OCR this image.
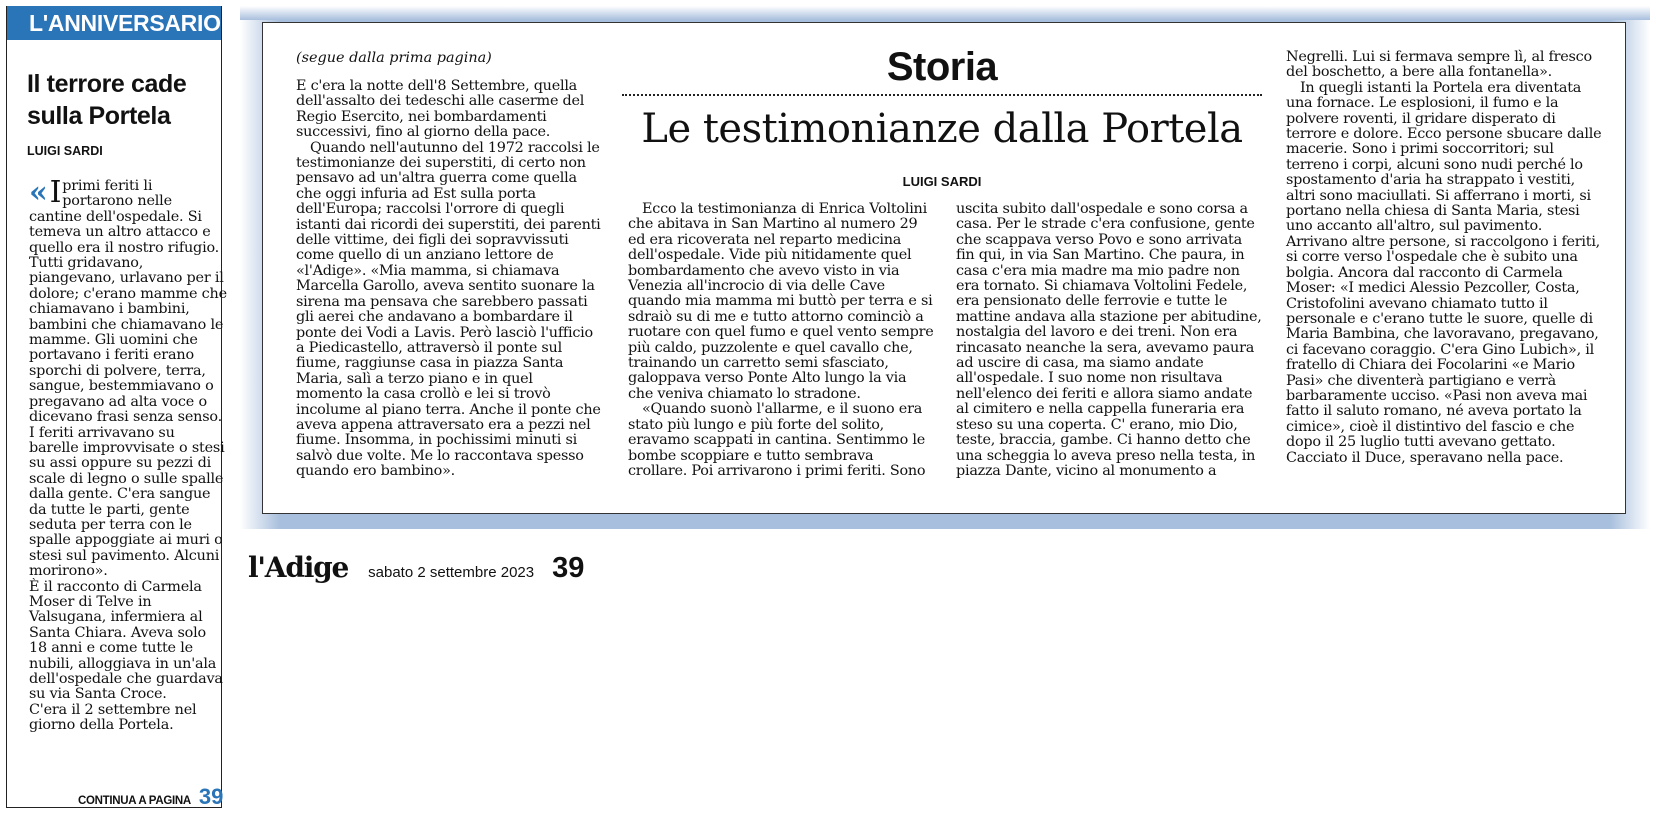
L'ANNIVERSARIO
Il terrore cade sulla Portela
LUIGI SARDI

« I primi feriti li portarono nelle cantine dell'ospedale. Si temeva un altro attacco e quello era il nostro rifugio. Tutti gridavano, piangevano, urlavano per il dolore; c'erano mamme che chiamavano i bambini, bambini che chiamavano le mamme. Gli uomini che portavano i feriti erano sporchi di polvere, terra, sangue, bestemmiavano o pregavano ad alta voce o dicevano frasi senza senso. I feriti arrivavano su barelle improvvisate o stesi su assi oppure su pezzi di scale di legno o sulle spalle dalla gente. C'era sangue da tutte le parti, gente seduta per terra con le spalle appoggiate ai muri o stesi sul pavimento. Alcuni morirono».

È il racconto di Carmela Moser di Telve in Valsugana, infermiera al Santa Chiara. Aveva solo 18 anni e come tutte le nubili, alloggiava in un'ala dell'ospedale che guardava su via Santa Croce.

C'era il 2 settembre nel giorno della Portela.

CONTINUA A PAGINA 39
(segue dalla prima pagina)	Storia
Le testimonianze dalla Portela
LUIGI SARDI

E c'era la notte dell'8 Settembre, quella dell'assalto dei tedeschi alle caserme del Regio Esercito, nei bombardamenti successivi, fino al giorno della pace.

Quando nell'autunno del 1972 raccolsi le testimonianze dei superstiti, di certo non pensavo ad un'altra guerra come quella che oggi infuria ad Est sulla porta dell'Europa; raccolsi l'orrore di quegli istanti dai ricordi dei superstiti, dei parenti delle vittime, dei figli dei sopravvissuti come quello di un anziano lettore de «l'Adige». «Mia mamma, si chiamava Marcella Garollo, aveva sentito suonare la sirena ma pensava che sarebbero passati gli aerei che andavano a bombardare il ponte dei Vodi a Lavis. Però lasciò l'ufficio a Piedicastello, attraversò il ponte sul fiume, raggiunse casa in piazza Santa Maria, salì a terzo piano e in quel momento la casa crollò e lei si trovò incolume al piano terra. Anche il ponte che aveva appena attraversato era a pezzi nel fiume. Insomma, in pochissimi minuti si salvò due volte. Me lo raccontava spesso quando ero bambino».

Ecco la testimonianza di Enrica Voltolini che abitava in San Martino al numero 29 ed era ricoverata nel reparto medicina dell'ospedale. Vide più nitidamente quel bombardamento che avevo visto in via Venezia all'incrocio di via delle Cave quando mia mamma mi buttò per terra e si sdraiò su di me e tutto attorno cominciò a ruotare con quel fumo e quel vento sempre più caldo, puzzolente e quel cavallo che, trainando un carretto semi sfasciato, galoppava verso Ponte Alto lungo la via che veniva chiamato lo stradone.

«Quando suonò l'allarme, e il suono era stato più lungo e più forte del solito, eravamo scappati in cantina. Sentimmo le bombe scoppiare e tutto sembrava crollare. Poi arrivarono i primi feriti. Sono

uscita subito dall'ospedale e sono corsa a casa. Per le strade c'era confusione, gente che scappava verso Povo e sono arrivata fin qui, in via San Martino. Che paura, in casa c'era mia madre ma mio padre non era tornato. Si chiamava Voltolini Fedele, era pensionato delle ferrovie e tutte le mattine andava alla stazione per abitudine, nostalgia del lavoro e dei treni. Non era rincasato neanche la sera, avevamo paura ad uscire di casa, ma siamo andate all'ospedale. I suo nome non risultava nell'elenco dei feriti e allora siamo andate al cimitero e nella cappella funeraria era steso su una coperta. C' erano, mio Dio, teste, braccia, gambe. Ci hanno detto che una scheggia lo aveva preso nella testa, in piazza Dante, vicino al monumento a

Negrelli. Lui si fermava sempre lì, al fresco del boschetto, a bere alla fontanella».

In quegli istanti la Portela era diventata una fornace. Le esplosioni, il fumo e la polvere roventi, il gridare disperato di terrore e dolore. Ecco persone sbucare dalle macerie. Sono i primi soccorritori; sul terreno i corpi, alcuni sono nudi perché lo spostamento d'aria ha strappato i vestiti, altri sono maciullati. Si afferrano i morti, si portano nella chiesa di Santa Maria, stesi uno accanto all'altro, sul pavimento. Arrivano altre persone, si raccolgono i feriti, si corre verso l'ospedale che è subito una bolgia. Ancora dal racconto di Carmela Moser: «I medici Alessio Pezcoller, Costa, Cristofolini avevano chiamato tutto il personale e c'erano tutte le suore, quelle di Maria Bambina, che lavoravano, pregavano, ci facevano coraggio. C'era Gino Lubich», il fratello di Chiara dei Focolarini «e Mario Pasi» che diventerà partigiano e verrà barbaramente ucciso. «Pasi non aveva mai fatto il saluto romano, né aveva portato la cimice», cioè il distintivo del fascio e che dopo il 25 luglio tutti avevano gettato. Cacciato il Duce, speravano nella pace.

l'Adige sabato 2 settembre 2023 39
